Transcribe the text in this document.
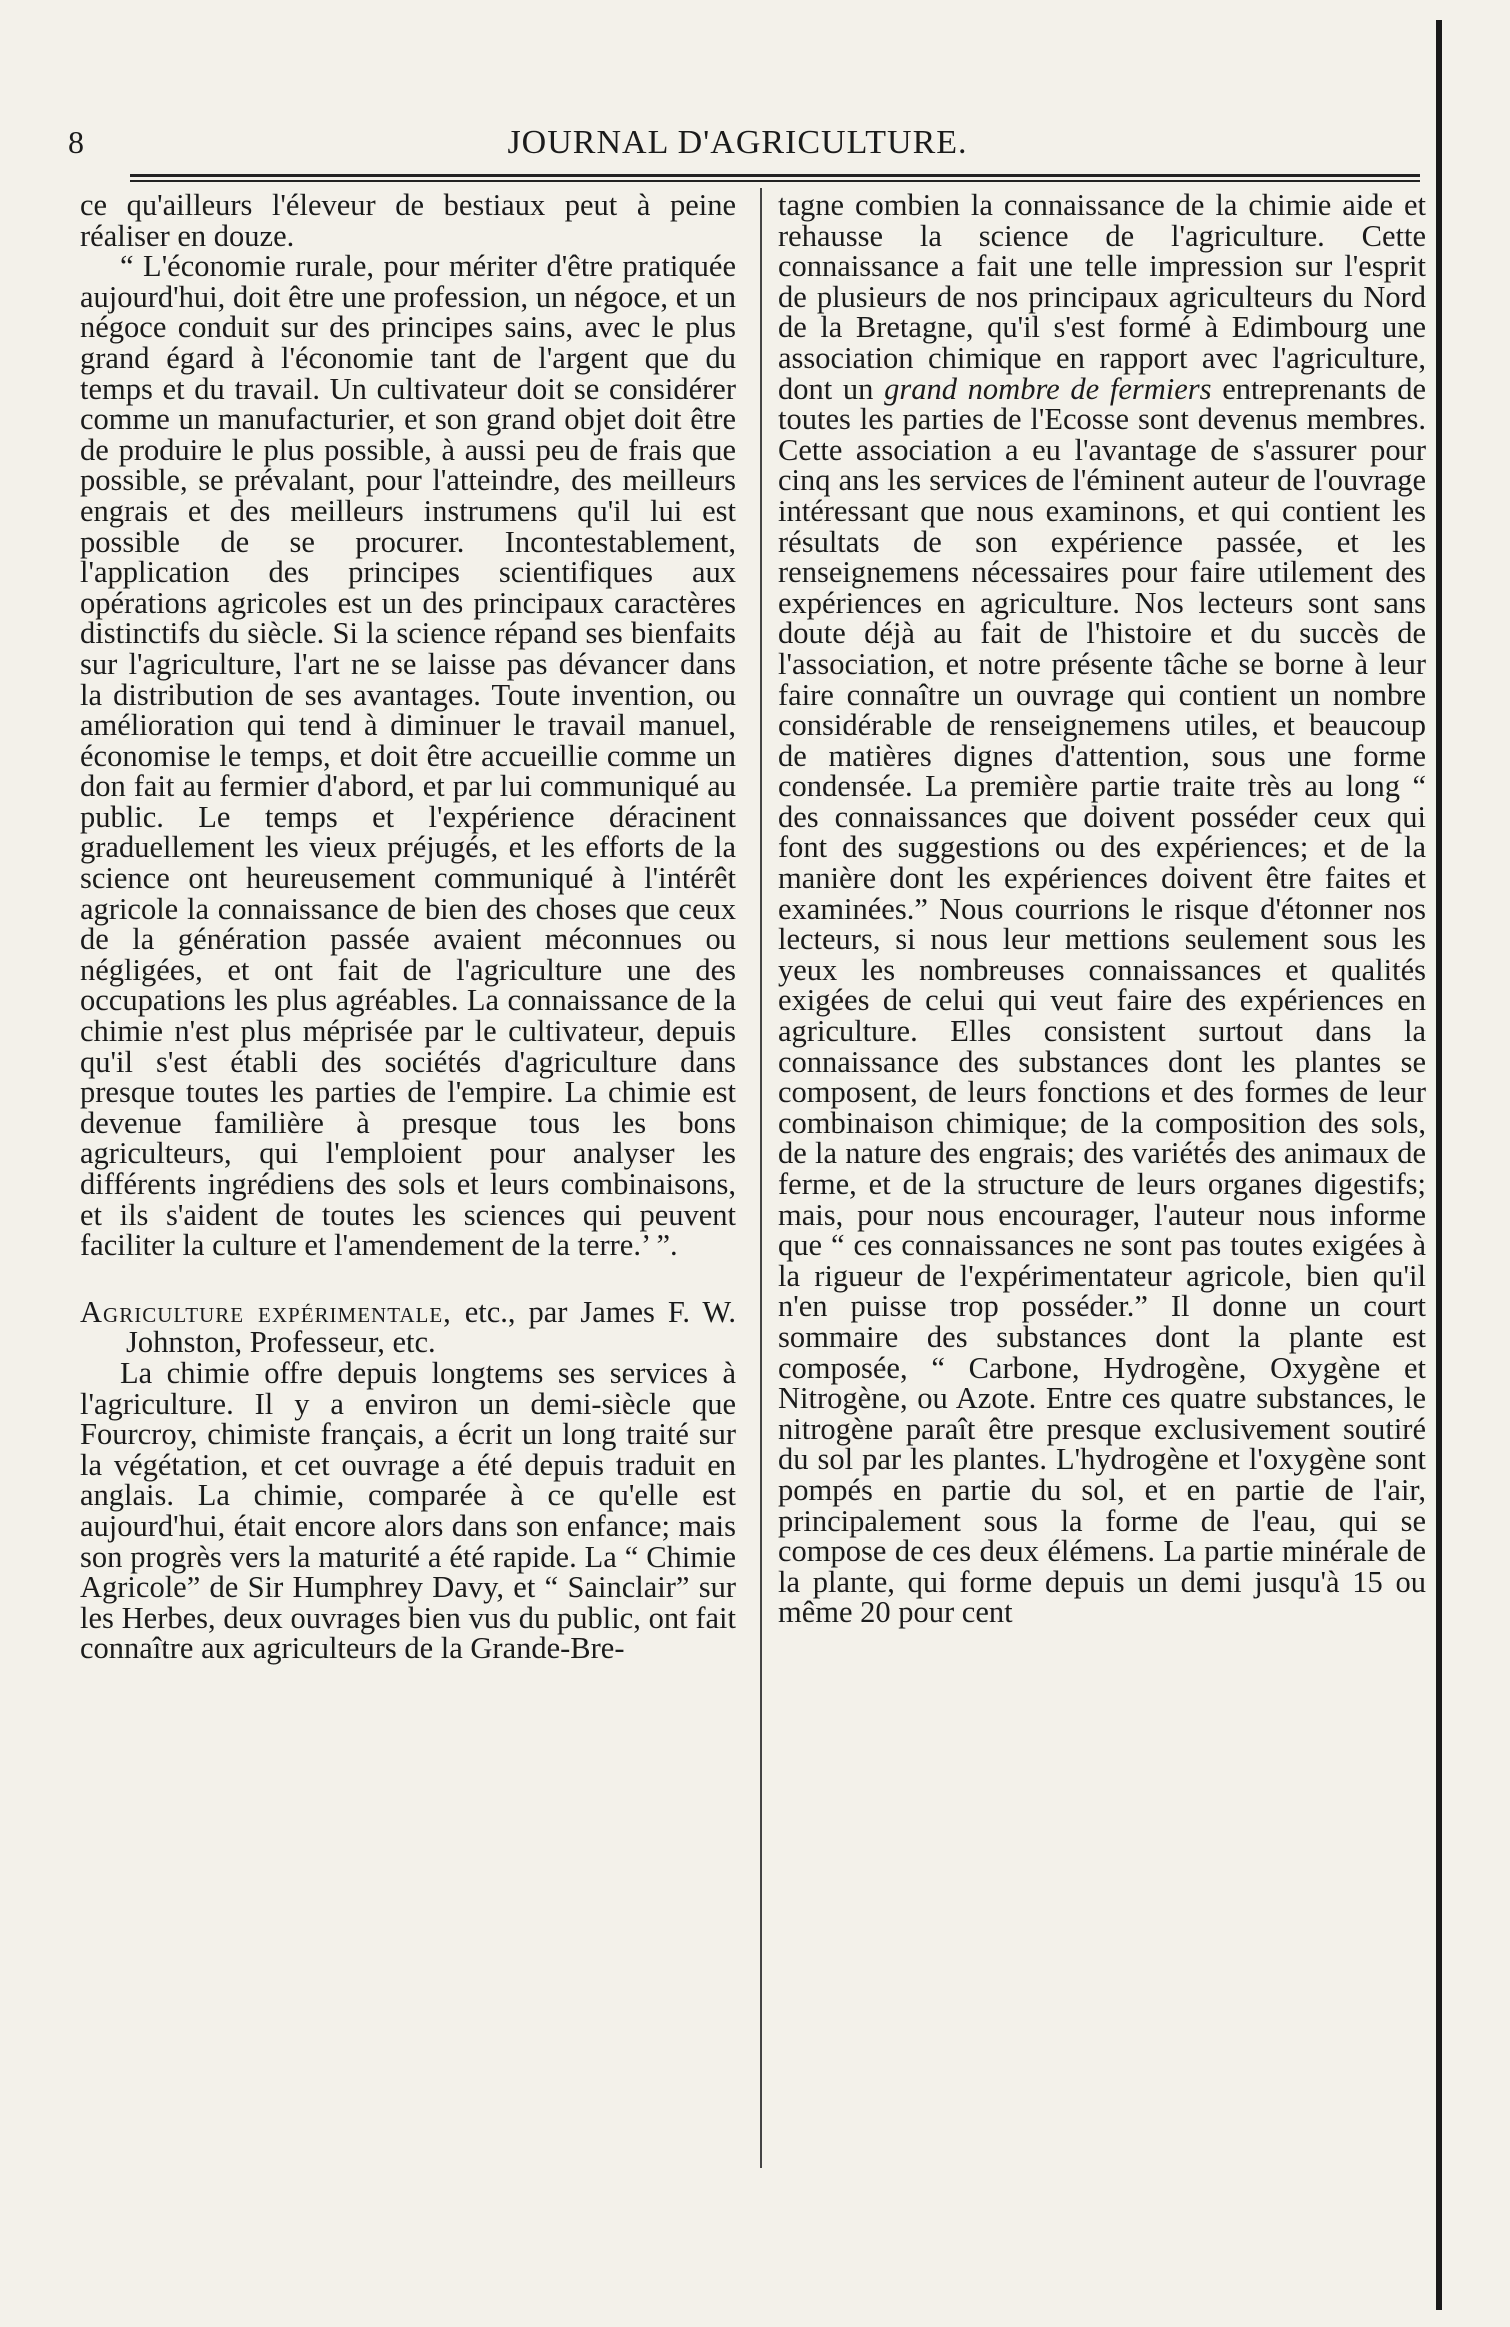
8	JOURNAL D'AGRICULTURE.

ce qu'ailleurs l'éleveur de bestiaux peut à peine réaliser en douze.

“ L'économie rurale, pour mériter d'être pratiquée aujourd'hui, doit être une profession, un négoce, et un négoce conduit sur des principes sains, avec le plus grand égard à l'économie tant de l'argent que du temps et du travail. Un cultivateur doit se considérer comme un manufacturier, et son grand objet doit être de produire le plus possible, à aussi peu de frais que possible, se prévalant, pour l'atteindre, des meilleurs engrais et des meilleurs instrumens qu'il lui est possible de se procurer. Incontestablement, l'application des principes scientifiques aux opérations agricoles est un des principaux caractères distinctifs du siècle. Si la science répand ses bienfaits sur l'agriculture, l'art ne se laisse pas dévancer dans la distribution de ses avantages. Toute invention, ou amélioration qui tend à diminuer le travail manuel, économise le temps, et doit être accueillie comme un don fait au fermier d'abord, et par lui communiqué au public. Le temps et l'expérience déracinent graduellement les vieux préjugés, et les efforts de la science ont heureusement communiqué à l'intérêt agricole la connaissance de bien des choses que ceux de la génération passée avaient méconnues ou négligées, et ont fait de l'agriculture une des occupations les plus agréables. La connaissance de la chimie n'est plus méprisée par le cultivateur, depuis qu'il s'est établi des sociétés d'agriculture dans presque toutes les parties de l'empire. La chimie est devenue familière à presque tous les bons agriculteurs, qui l'emploient pour analyser les différents ingrédiens des sols et leurs combinaisons, et ils s'aident de toutes les sciences qui peuvent faciliter la culture et l'amendement de la terre.’ ”.

Agriculture expérimentale, etc., par James F. W. Johnston, Professeur, etc.

La chimie offre depuis longtems ses services à l'agriculture. Il y a environ un demi-siècle que Fourcroy, chimiste français, a écrit un long traité sur la végétation, et cet ouvrage a été depuis traduit en anglais. La chimie, comparée à ce qu'elle est aujourd'hui, était encore alors dans son enfance; mais son progrès vers la maturité a été rapide. La “ Chimie Agricole” de Sir Humphrey Davy, et “ Sainclair” sur les Herbes, deux ouvrages bien vus du public, ont fait connaître aux agriculteurs de la Grande-Bre-

tagne combien la connaissance de la chimie aide et rehausse la science de l'agriculture. Cette connaissance a fait une telle impression sur l'esprit de plusieurs de nos principaux agriculteurs du Nord de la Bretagne, qu'il s'est formé à Edimbourg une association chimique en rapport avec l'agriculture, dont un grand nombre de fermiers entreprenants de toutes les parties de l'Ecosse sont devenus membres. Cette association a eu l'avantage de s'assurer pour cinq ans les services de l'éminent auteur de l'ouvrage intéressant que nous examinons, et qui contient les résultats de son expérience passée, et les renseignemens nécessaires pour faire utilement des expériences en agriculture. Nos lecteurs sont sans doute déjà au fait de l'histoire et du succès de l'association, et notre présente tâche se borne à leur faire connaître un ouvrage qui contient un nombre considérable de renseignemens utiles, et beaucoup de matières dignes d'attention, sous une forme condensée. La première partie traite très au long “ des connaissances que doivent posséder ceux qui font des suggestions ou des expériences; et de la manière dont les expériences doivent être faites et examinées.” Nous courrions le risque d'étonner nos lecteurs, si nous leur mettions seulement sous les yeux les nombreuses connaissances et qualités exigées de celui qui veut faire des expériences en agriculture. Elles consistent surtout dans la connaissance des substances dont les plantes se composent, de leurs fonctions et des formes de leur combinaison chimique; de la composition des sols, de la nature des engrais; des variétés des animaux de ferme, et de la structure de leurs organes digestifs; mais, pour nous encourager, l'auteur nous informe que “ ces connaissances ne sont pas toutes exigées à la rigueur de l'expérimentateur agricole, bien qu'il n'en puisse trop posséder.” Il donne un court sommaire des substances dont la plante est composée, “ Carbone, Hydrogène, Oxygène et Nitrogène, ou Azote. Entre ces quatre substances, le nitrogène paraît être presque exclusivement soutiré du sol par les plantes. L'hydrogène et l'oxygène sont pompés en partie du sol, et en partie de l'air, principalement sous la forme de l'eau, qui se compose de ces deux élémens. La partie minérale de la plante, qui forme depuis un demi jusqu'à 15 ou même 20 pour cent
